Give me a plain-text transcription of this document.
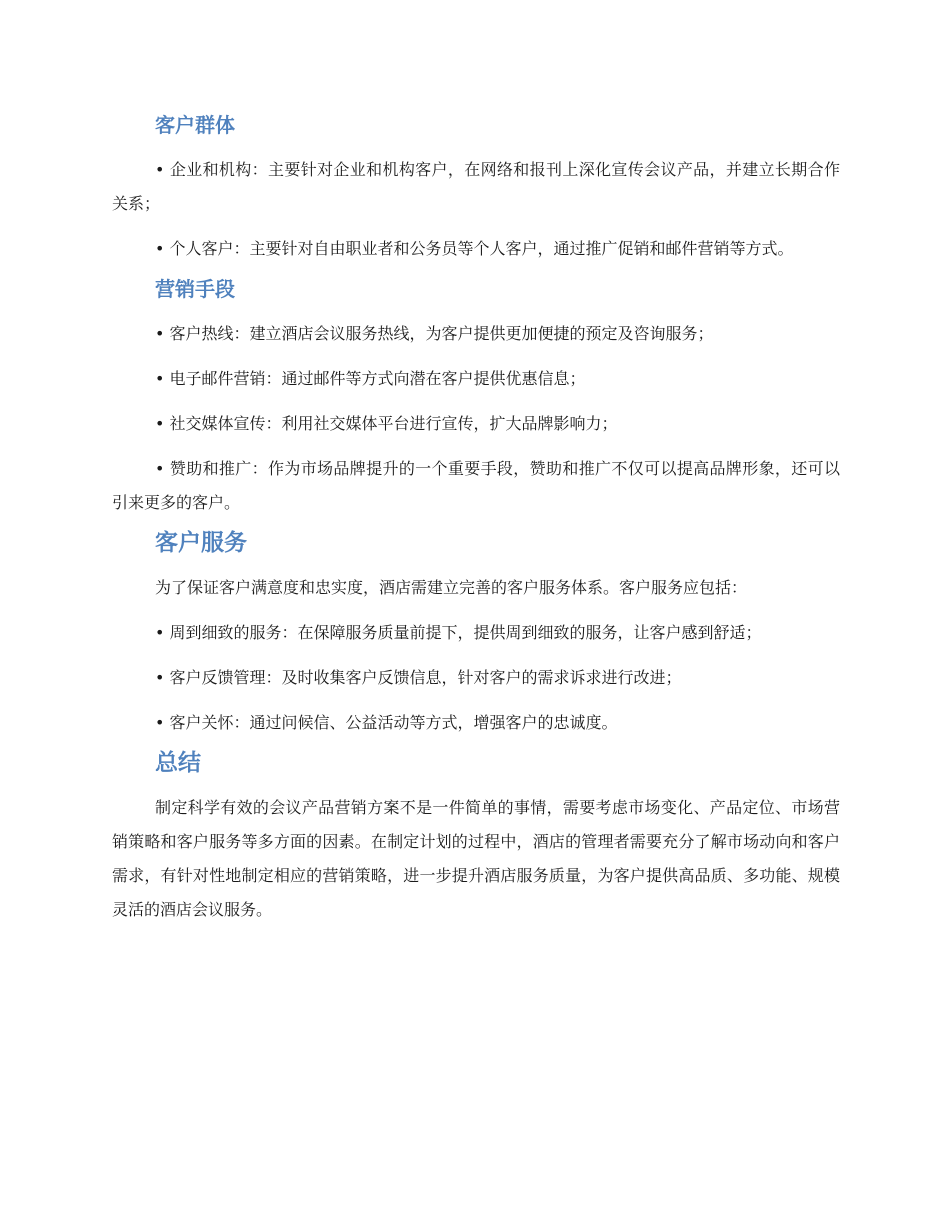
客户群体

• 企业和机构：主要针对企业和机构客户，在网络和报刊上深化宣传会议产品，并建立长期合作关系；

• 个人客户：主要针对自由职业者和公务员等个人客户，通过推广促销和邮件营销等方式。

营销手段

• 客户热线：建立酒店会议服务热线，为客户提供更加便捷的预定及咨询服务；

• 电子邮件营销：通过邮件等方式向潜在客户提供优惠信息；

• 社交媒体宣传：利用社交媒体平台进行宣传，扩大品牌影响力；

• 赞助和推广：作为市场品牌提升的一个重要手段，赞助和推广不仅可以提高品牌形象，还可以引来更多的客户。

客户服务

为了保证客户满意度和忠实度，酒店需建立完善的客户服务体系。客户服务应包括：

• 周到细致的服务：在保障服务质量前提下，提供周到细致的服务，让客户感到舒适；

• 客户反馈管理：及时收集客户反馈信息，针对客户的需求诉求进行改进；

• 客户关怀：通过问候信、公益活动等方式，增强客户的忠诚度。

总结

制定科学有效的会议产品营销方案不是一件简单的事情，需要考虑市场变化、产品定位、市场营销策略和客户服务等多方面的因素。在制定计划的过程中，酒店的管理者需要充分了解市场动向和客户需求，有针对性地制定相应的营销策略，进一步提升酒店服务质量，为客户提供高品质、多功能、规模灵活的酒店会议服务。
